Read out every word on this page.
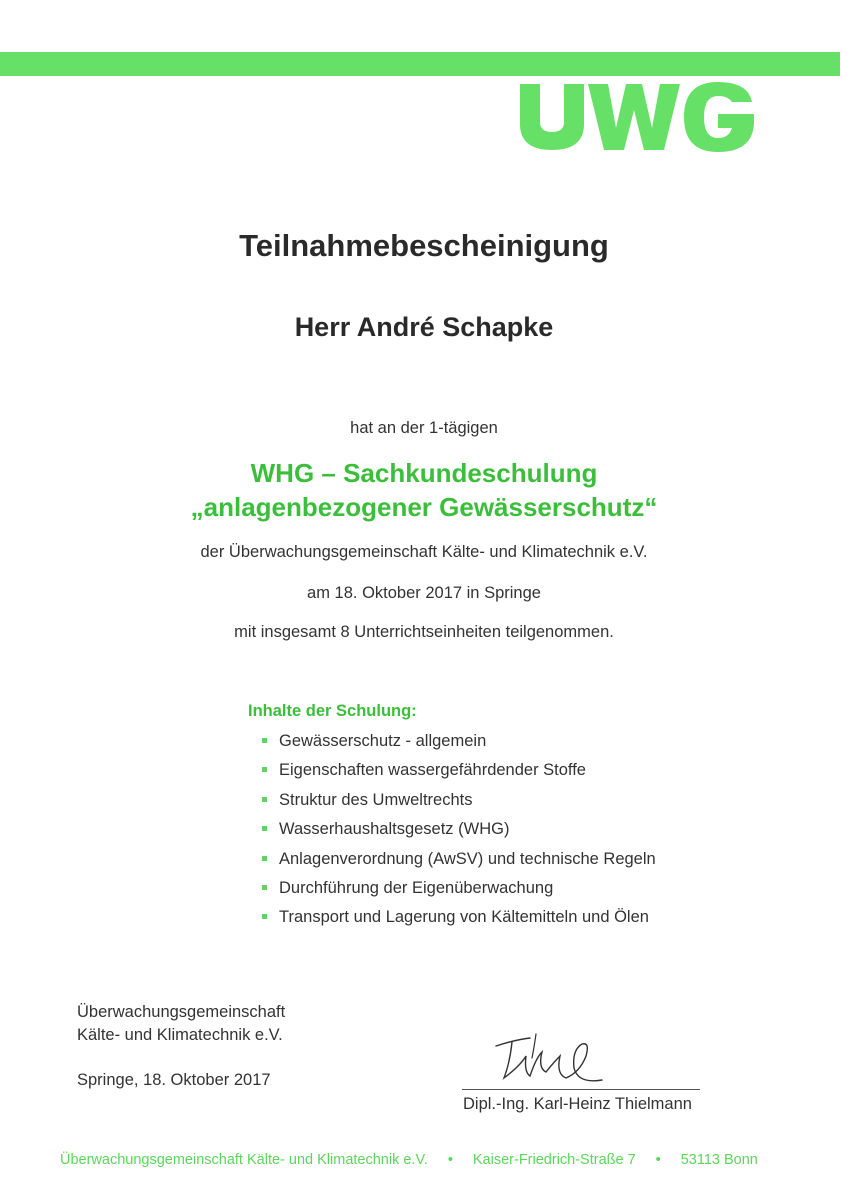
Teilnahmebescheinigung
Herr André Schapke
hat an der 1-tägigen
WHG – Sachkundeschulung
„anlagenbezogener Gewässerschutz“
der Überwachungsgemeinschaft Kälte- und Klimatechnik e.V.
am 18. Oktober 2017 in Springe
mit insgesamt 8 Unterrichtseinheiten teilgenommen.
Inhalte der Schulung:
Gewässerschutz - allgemein
Eigenschaften wassergefährdender Stoffe
Struktur des Umweltrechts
Wasserhaushaltsgesetz (WHG)
Anlagenverordnung (AwSV) und technische Regeln
Durchführung der Eigenüberwachung
Transport und Lagerung von Kältemitteln und Ölen
Überwachungsgemeinschaft
Kälte- und Klimatechnik e.V.
Springe, 18. Oktober 2017
Dipl.-Ing. Karl-Heinz Thielmann
Überwachungsgemeinschaft Kälte- und Klimatechnik e.V. • Kaiser-Friedrich-Straße 7 • 53113 Bonn
